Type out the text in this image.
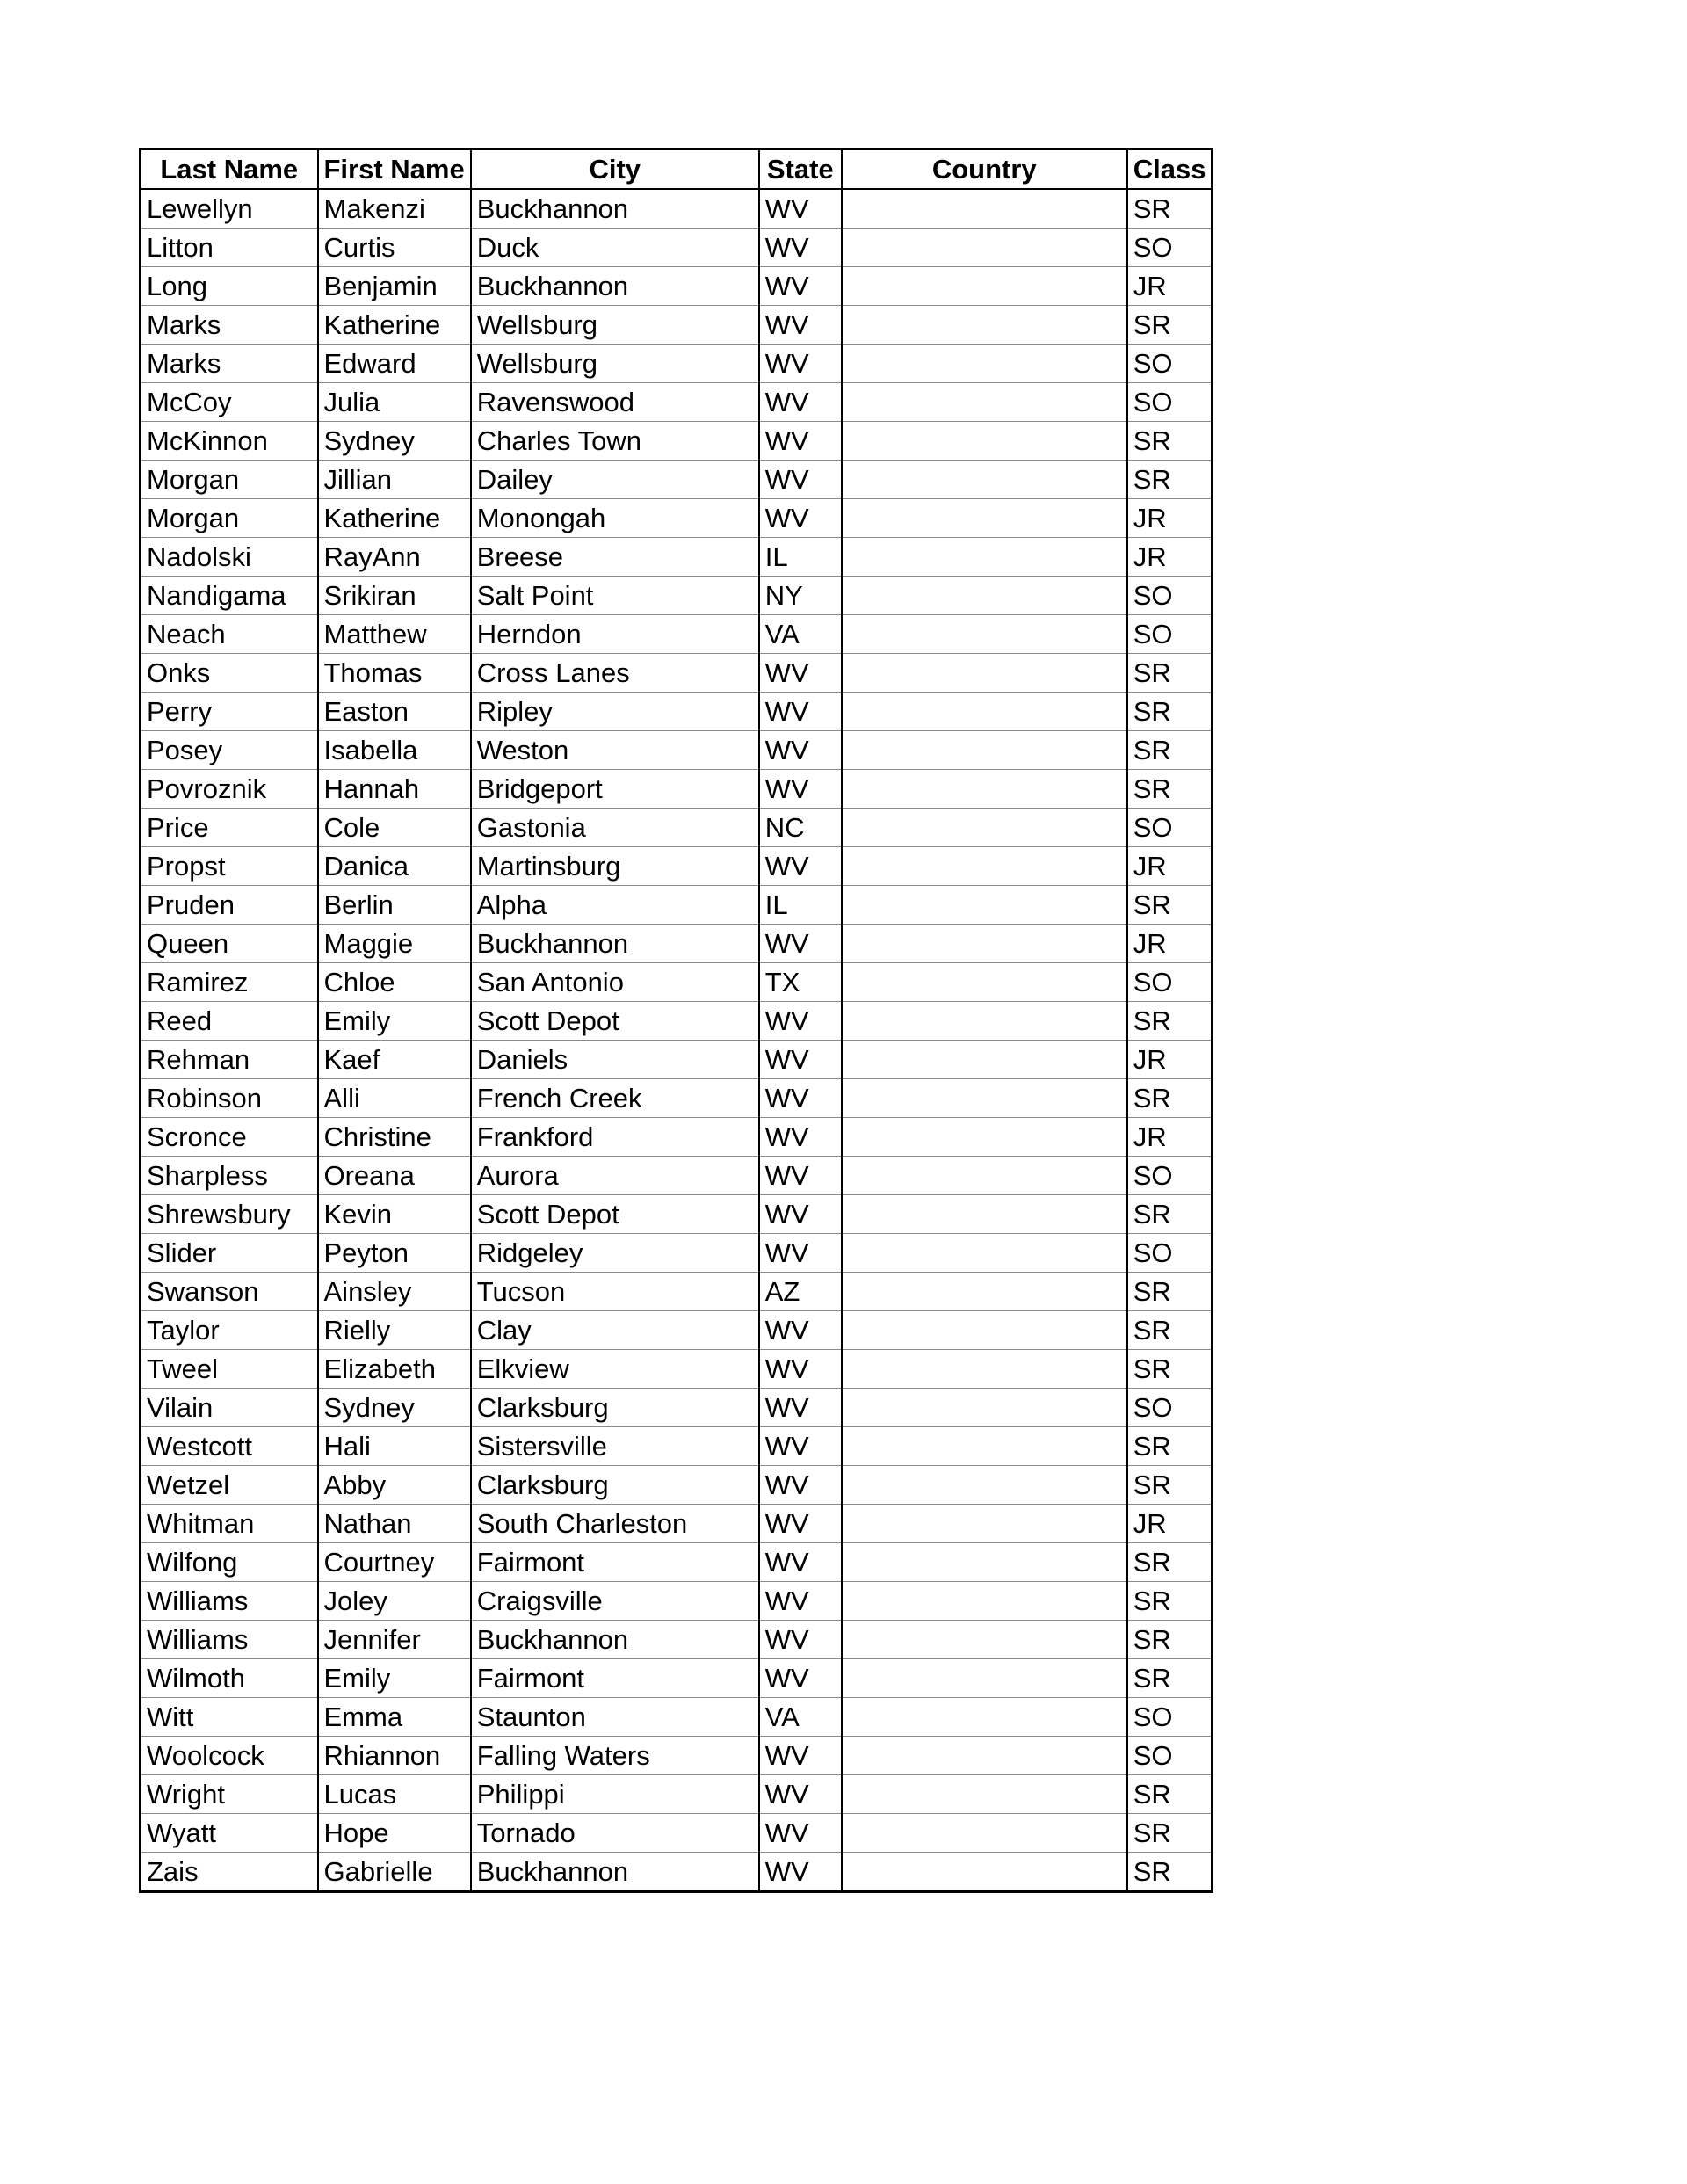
Last Name	First Name	City	State	Country	Class
Lewellyn	Makenzi	Buckhannon	WV		SR
Litton	Curtis	Duck	WV		SO
Long	Benjamin	Buckhannon	WV		JR
Marks	Katherine	Wellsburg	WV		SR
Marks	Edward	Wellsburg	WV		SO
McCoy	Julia	Ravenswood	WV		SO
McKinnon	Sydney	Charles Town	WV		SR
Morgan	Jillian	Dailey	WV		SR
Morgan	Katherine	Monongah	WV		JR
Nadolski	RayAnn	Breese	IL		JR
Nandigama	Srikiran	Salt Point	NY		SO
Neach	Matthew	Herndon	VA		SO
Onks	Thomas	Cross Lanes	WV		SR
Perry	Easton	Ripley	WV		SR
Posey	Isabella	Weston	WV		SR
Povroznik	Hannah	Bridgeport	WV		SR
Price	Cole	Gastonia	NC		SO
Propst	Danica	Martinsburg	WV		JR
Pruden	Berlin	Alpha	IL		SR
Queen	Maggie	Buckhannon	WV		JR
Ramirez	Chloe	San Antonio	TX		SO
Reed	Emily	Scott Depot	WV		SR
Rehman	Kaef	Daniels	WV		JR
Robinson	Alli	French Creek	WV		SR
Scronce	Christine	Frankford	WV		JR
Sharpless	Oreana	Aurora	WV		SO
Shrewsbury	Kevin	Scott Depot	WV		SR
Slider	Peyton	Ridgeley	WV		SO
Swanson	Ainsley	Tucson	AZ		SR
Taylor	Rielly	Clay	WV		SR
Tweel	Elizabeth	Elkview	WV		SR
Vilain	Sydney	Clarksburg	WV		SO
Westcott	Hali	Sistersville	WV		SR
Wetzel	Abby	Clarksburg	WV		SR
Whitman	Nathan	South Charleston	WV		JR
Wilfong	Courtney	Fairmont	WV		SR
Williams	Joley	Craigsville	WV		SR
Williams	Jennifer	Buckhannon	WV		SR
Wilmoth	Emily	Fairmont	WV		SR
Witt	Emma	Staunton	VA		SO
Woolcock	Rhiannon	Falling Waters	WV		SO
Wright	Lucas	Philippi	WV		SR
Wyatt	Hope	Tornado	WV		SR
Zais	Gabrielle	Buckhannon	WV		SR
